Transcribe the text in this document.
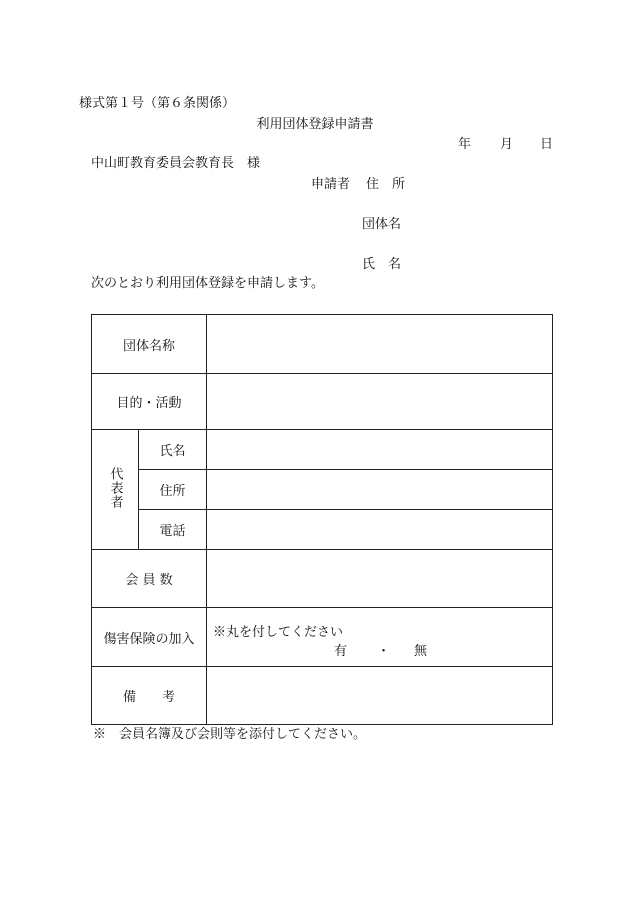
様式第１号（第６条関係）
利用団体登録申請書
年 月 日
中山町教育委員会教育長　様
申請者 住　所
団体名
氏　名
次のとおり利用団体登録を申請します。
団体名称		
目的・活動		
代表者	氏名	
	住所	
	電話	
会 員 数		
傷害保険の加入		※丸を付してください
有 ・ 無

備　　考		
※　会員名簿及び会則等を添付してください。
